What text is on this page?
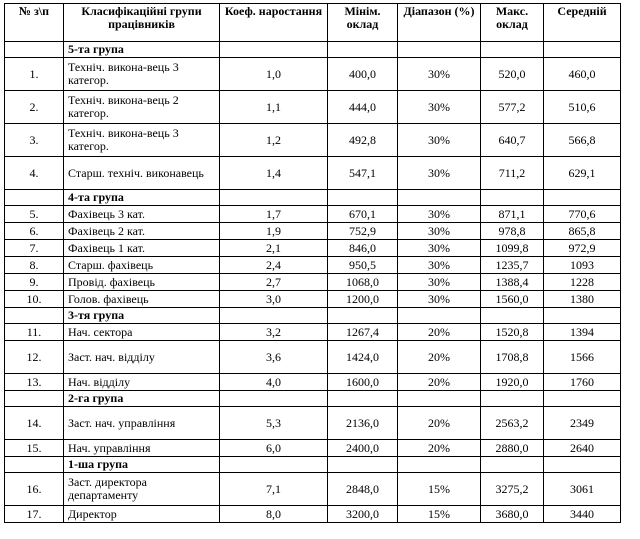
№ з\п	Класифікаційні групи працівників	Коеф. наростання	Мінім. оклад	Діапазон (%)	Макс. оклад	Середній
	5-та група					
1.	Техніч. викона-вець 3 категор.	1,0	400,0	30%	520,0	460,0
2.	Техніч. викона-вець 2 категор.	1,1	444,0	30%	577,2	510,6
3.	Техніч. викона-вець 3 категор.	1,2	492,8	30%	640,7	566,8
4.	Старш. техніч. виконавець	1,4	547,1	30%	711,2	629,1
	4-та група					
5.	Фахівець 3 кат.	1,7	670,1	30%	871,1	770,6
6.	Фахівець 2 кат.	1,9	752,9	30%	978,8	865,8
7.	Фахівець 1 кат.	2,1	846,0	30%	1099,8	972,9
8.	Старш. фахівець	2,4	950,5	30%	1235,7	1093
9.	Провід. фахівець	2,7	1068,0	30%	1388,4	1228
10.	Голов. фахівець	3,0	1200,0	30%	1560,0	1380
	3-тя група					
11.	Нач. сектора	3,2	1267,4	20%	1520,8	1394
12.	Заст. нач. відділу	3,6	1424,0	20%	1708,8	1566
13.	Нач. відділу	4,0	1600,0	20%	1920,0	1760
	2-га група					
14.	Заст. нач. управління	5,3	2136,0	20%	2563,2	2349
15.	Нач. управління	6,0	2400,0	20%	2880,0	2640
	1-ша група					
16.	Заст. директора департаменту	7,1	2848,0	15%	3275,2	3061
17.	Директор	8,0	3200,0	15%	3680,0	3440
